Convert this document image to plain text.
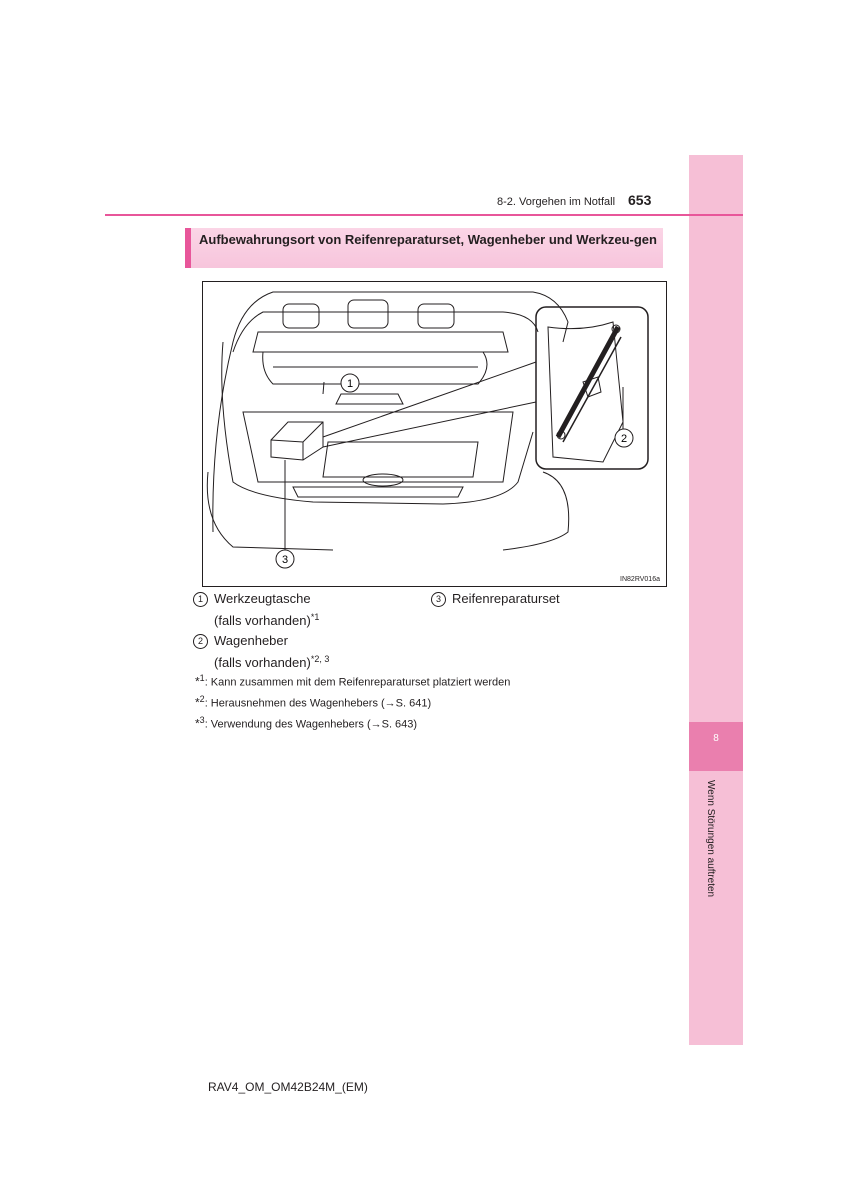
8
Wenn Störungen auftreten
8-2. Vorgehen im Notfall 653
Aufbewahrungsort von Reifenreparaturset, Wagenheber und Werkzeu-gen
1
2
3
IN82RV016a
1 Werkzeugtasche
(falls vorhanden)$^{*1}$
2 Wagenheber
(falls vorhanden)$^{*2, 3}$
3 Reifenreparaturset
*$^1$: Kann zusammen mit dem Reifenreparaturset platziert werden
*$^2$: Herausnehmen des Wagenhebers (→S. 641)
*$^3$: Verwendung des Wagenhebers (→S. 643)
RAV4_OM_OM42B24M_(EM)
